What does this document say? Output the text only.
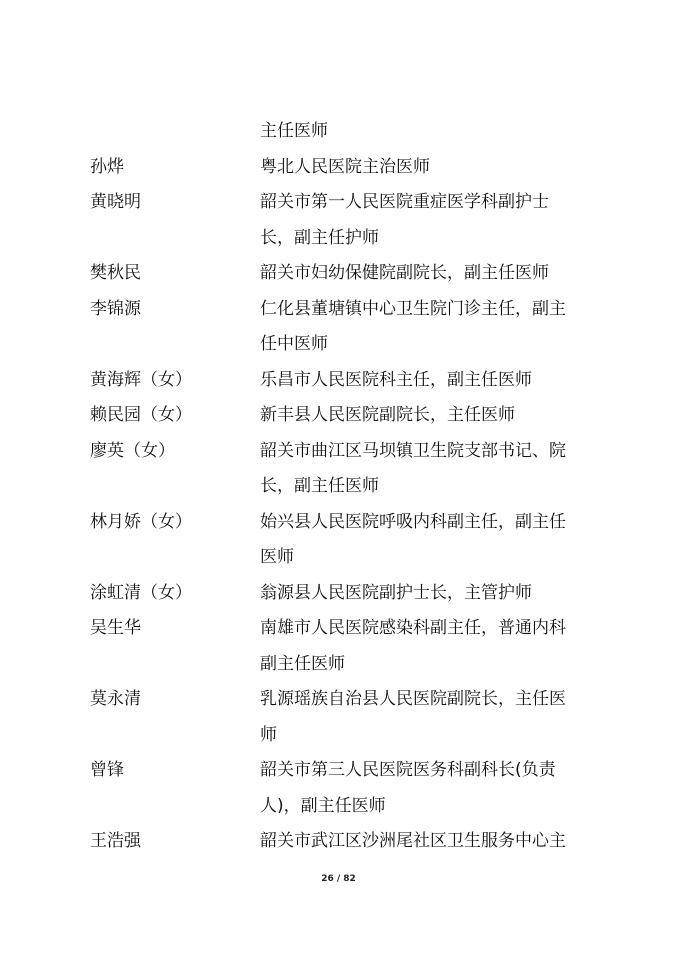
主任医师
孙烨	粤北人民医院主治医师
黄晓明	韶关市第一人民医院重症医学科副护士
长，副主任护师
樊秋民	韶关市妇幼保健院副院长，副主任医师
李锦源	仁化县董塘镇中心卫生院门诊主任，副主
任中医师
黄海辉（女）	乐昌市人民医院科主任，副主任医师
赖民园（女）	新丰县人民医院副院长，主任医师
廖英（女）	韶关市曲江区马坝镇卫生院支部书记、院
长，副主任医师
林月娇（女）	始兴县人民医院呼吸内科副主任，副主任
医师
涂虹清（女）	翁源县人民医院副护士长，主管护师
吴生华	南雄市人民医院感染科副主任，普通内科
副主任医师
莫永清	乳源瑶族自治县人民医院副院长，主任医
师
曾锋	韶关市第三人民医院医务科副科长(负责
人)，副主任医师
王浩强	韶关市武江区沙洲尾社区卫生服务中心主
26 / 82
